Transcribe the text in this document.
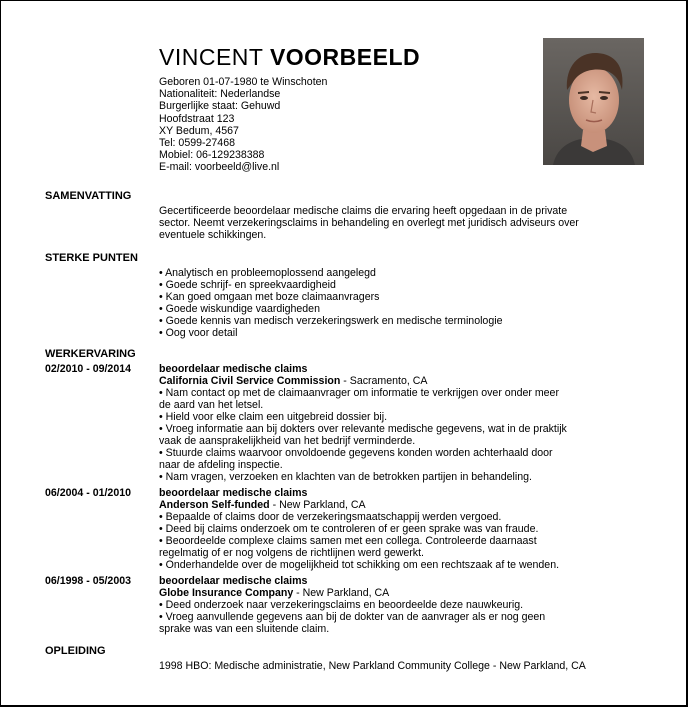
VINCENT VOORBEELD
Geboren 01-07-1980 te Winschoten
Nationaliteit: Nederlandse
Burgerlijke staat: Gehuwd
Hoofdstraat 123
XY Bedum, 4567
Tel: 0599-27468
Mobiel: 06-129238388
E-mail: voorbeeld@live.nl
SAMENVATTING

Gecertificeerde beoordelaar medische claims die ervaring heeft opgedaan in de private

sector. Neemt verzekeringsclaims in behandeling en overlegt met juridisch adviseurs over

eventuele schikkingen.

STERKE PUNTEN
• Analytisch en probleemoplossend aangelegd
• Goede schrijf- en spreekvaardigheid
• Kan goed omgaan met boze claimaanvragers
• Goede wiskundige vaardigheden
• Goede kennis van medisch verzekeringswerk en medische terminologie
• Oog voor detail
WERKERVARING
02/2010 - 09/2014	beoordelaar medische claims
California Civil Service Commission - Sacramento, CA
• Nam contact op met de claimaanvrager om informatie te verkrijgen over onder meer
de aard van het letsel.
• Hield voor elke claim een uitgebreid dossier bij.
• Vroeg informatie aan bij dokters over relevante medische gegevens, wat in de praktijk
vaak de aansprakelijkheid van het bedrijf verminderde.
• Stuurde claims waarvoor onvoldoende gegevens konden worden achterhaald door
naar de afdeling inspectie.
• Nam vragen, verzoeken en klachten van de betrokken partijen in behandeling.
06/2004 - 01/2010	beoordelaar medische claims
Anderson Self-funded - New Parkland, CA
• Bepaalde of claims door de verzekeringsmaatschappij werden vergoed.
• Deed bij claims onderzoek om te controleren of er geen sprake was van fraude.
• Beoordeelde complexe claims samen met een collega. Controleerde daarnaast
regelmatig of er nog volgens de richtlijnen werd gewerkt.
• Onderhandelde over de mogelijkheid tot schikking om een rechtszaak af te wenden.
06/1998 - 05/2003	beoordelaar medische claims
Globe Insurance Company - New Parkland, CA
• Deed onderzoek naar verzekeringsclaims en beoordeelde deze nauwkeurig.
• Vroeg aanvullende gegevens aan bij de dokter van de aanvrager als er nog geen
sprake was van een sluitende claim.
OPLEIDING

1998 HBO: Medische administratie, New Parkland Community College - New Parkland, CA
